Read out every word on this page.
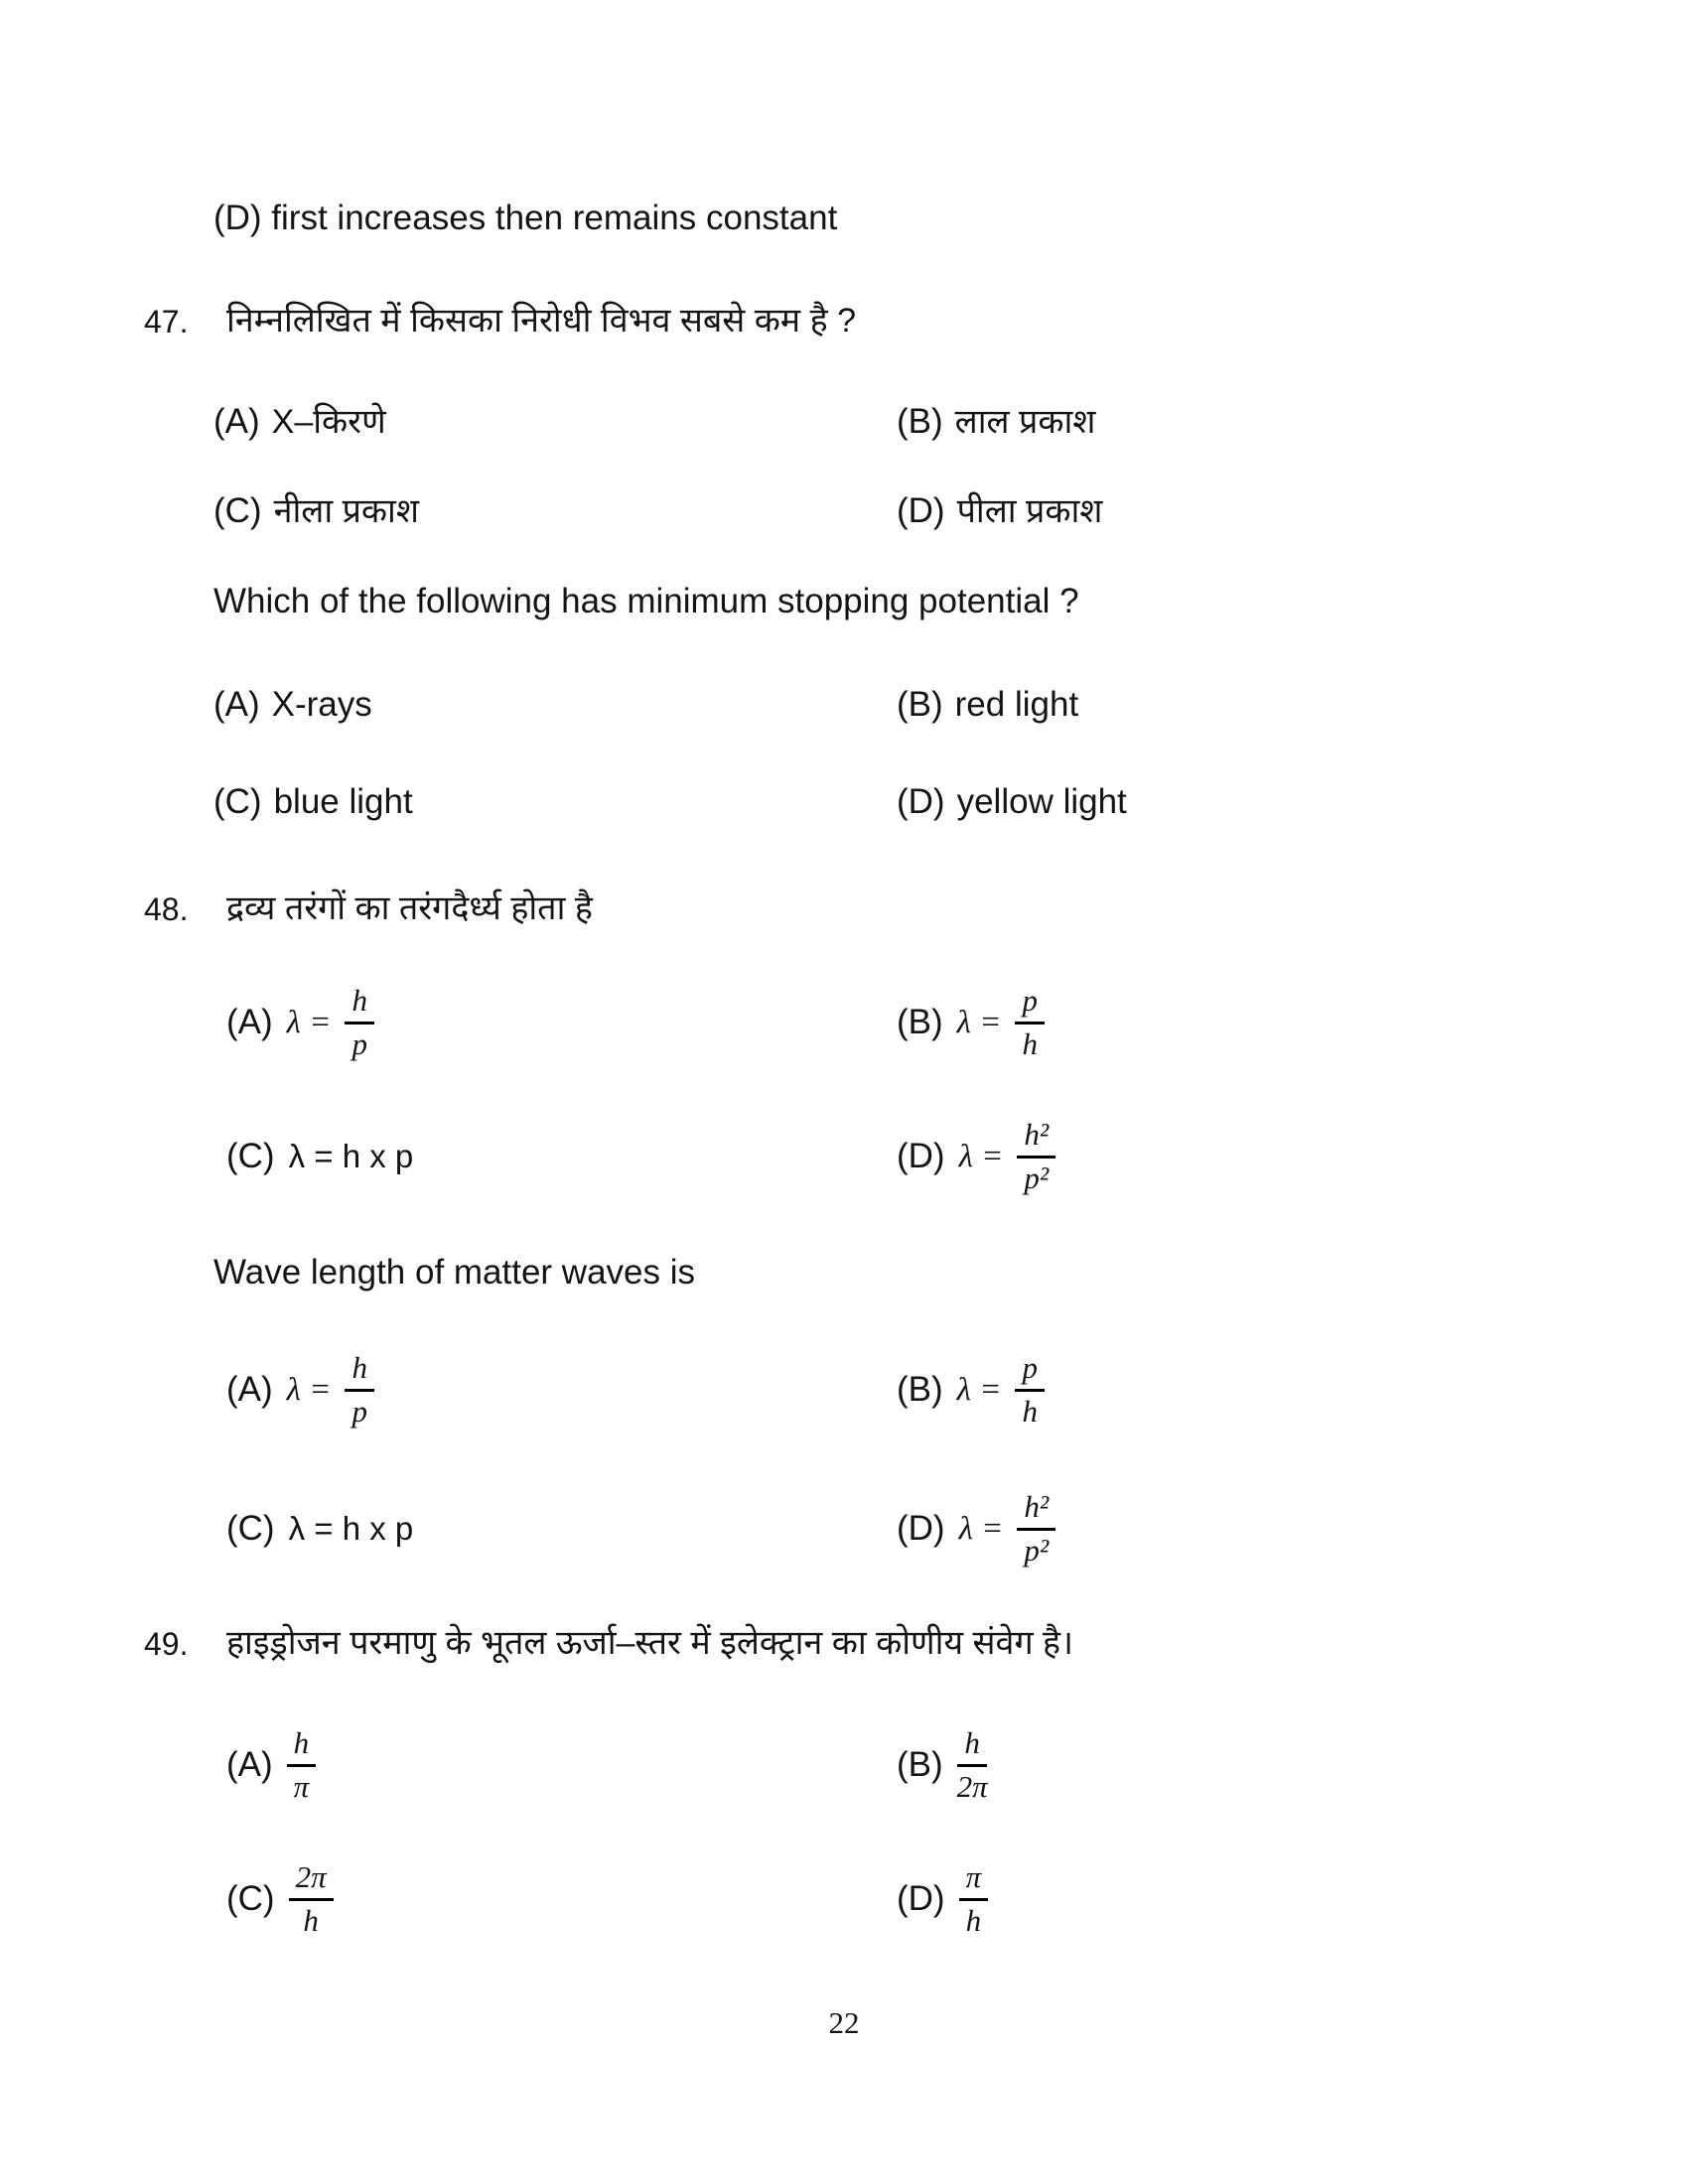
(D) first increases then remains constant
47. निम्नलिखित में किसका निरोधी विभव सबसे कम है ?
(A) X–किरणे	(B) लाल प्रकाश
(C) नीला प्रकाश	(D) पीला प्रकाश
Which of the following has minimum stopping potential ?
(A) X-rays	(B) red light
(C) blue light	(D) yellow light
48. द्रव्य तरंगों का तरंगदैर्ध्य होता है
(A) $\lambda = \frac{h}{p}$	(B) $\lambda = \frac{p}{h}$
(C) λ = h x p	(D) $\lambda = \frac{\text{h²}}{\text{p²}}$
Wave length of matter waves is
(A) $\lambda = \frac{h}{p}$	(B) $\lambda = \frac{p}{h}$
(C) λ = h x p	(D) $\lambda = \frac{\text{h²}}{\text{p²}}$
49. हाइड्रोजन परमाणु के भूतल ऊर्जा–स्तर में इलेक्ट्रान का कोणीय संवेग है।
$(A) \frac{h}{\pi}$	$(B) \frac{h}{2\pi}$
$(C) \frac{2\pi}{h}$	$(D) \frac{\pi}{h}$
22
